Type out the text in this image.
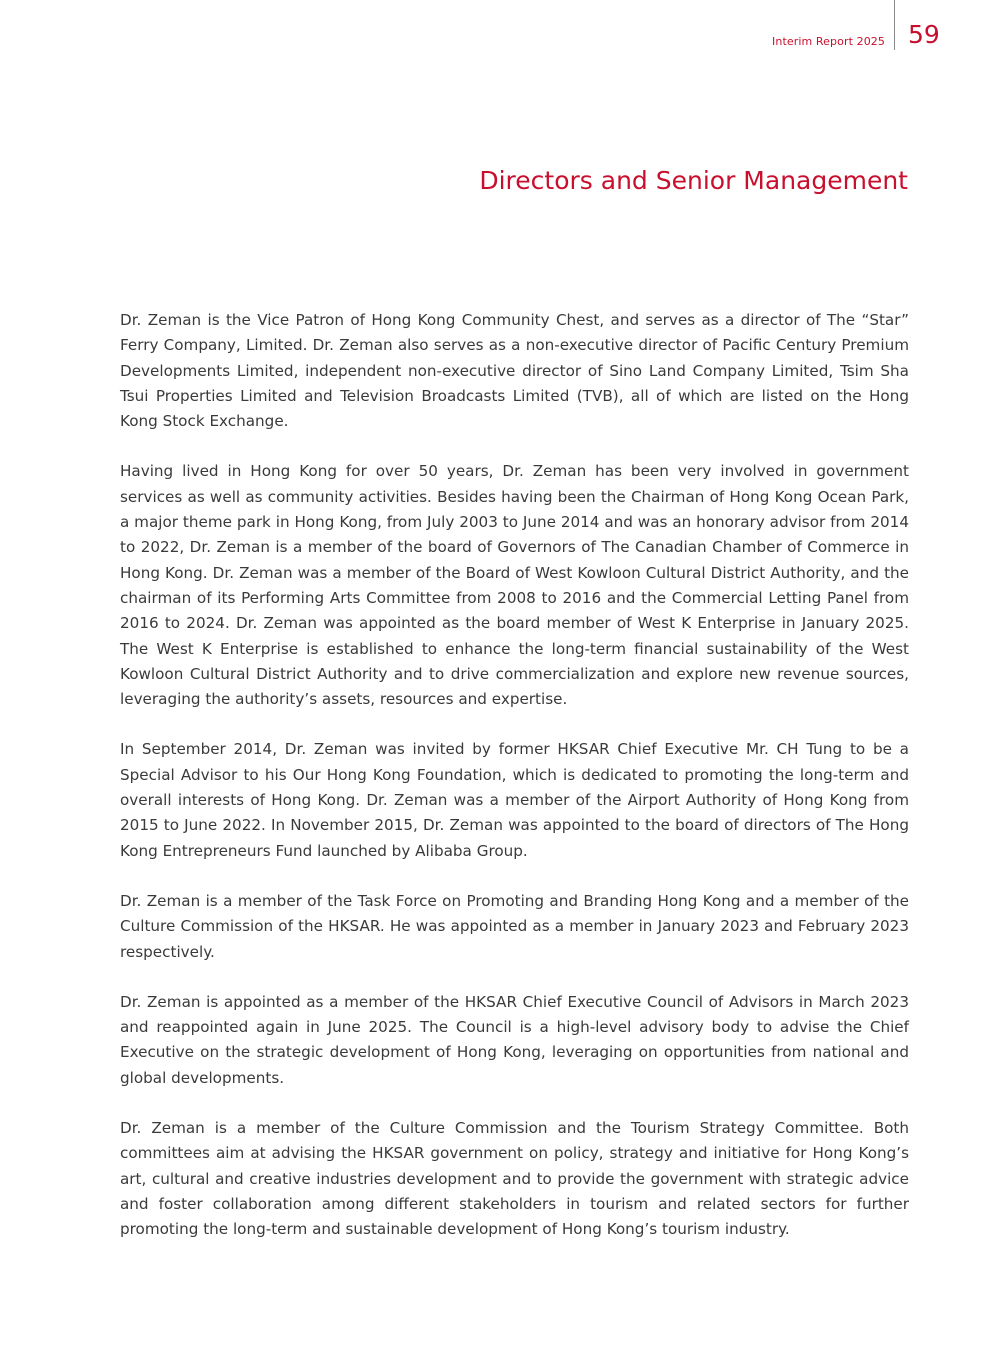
Interim Report 2025 59
Directors and Senior Management

Dr. Zeman is the Vice Patron of Hong Kong Community Chest, and serves as a director of The “Star” Ferry Company, Limited. Dr. Zeman also serves as a non-executive director of Pacific Century Premium Developments Limited, independent non-executive director of Sino Land Company Limited, Tsim Sha Tsui Properties Limited and Television Broadcasts Limited (TVB), all of which are listed on the Hong Kong Stock Exchange.

Having lived in Hong Kong for over 50 years, Dr. Zeman has been very involved in government services as well as community activities. Besides having been the Chairman of Hong Kong Ocean Park, a major theme park in Hong Kong, from July 2003 to June 2014 and was an honorary advisor from 2014 to 2022, Dr. Zeman is a member of the board of Governors of The Canadian Chamber of Commerce in Hong Kong. Dr. Zeman was a member of the Board of West Kowloon Cultural District Authority, and the chairman of its Performing Arts Committee from 2008 to 2016 and the Commercial Letting Panel from 2016 to 2024. Dr. Zeman was appointed as the board member of West K Enterprise in January 2025. The West K Enterprise is established to enhance the long-term financial sustainability of the West Kowloon Cultural District Authority and to drive commercialization and explore new revenue sources, leveraging the authority’s assets, resources and expertise.

In September 2014, Dr. Zeman was invited by former HKSAR Chief Executive Mr. CH Tung to be a Special Advisor to his Our Hong Kong Foundation, which is dedicated to promoting the long-term and overall interests of Hong Kong. Dr. Zeman was a member of the Airport Authority of Hong Kong from 2015 to June 2022. In November 2015, Dr. Zeman was appointed to the board of directors of The Hong Kong Entrepreneurs Fund launched by Alibaba Group.

Dr. Zeman is a member of the Task Force on Promoting and Branding Hong Kong and a member of the Culture Commission of the HKSAR. He was appointed as a member in January 2023 and February 2023 respectively.

Dr. Zeman is appointed as a member of the HKSAR Chief Executive Council of Advisors in March 2023 and reappointed again in June 2025. The Council is a high-level advisory body to advise the Chief Executive on the strategic development of Hong Kong, leveraging on opportunities from national and global developments.

Dr. Zeman is a member of the Culture Commission and the Tourism Strategy Committee. Both committees aim at advising the HKSAR government on policy, strategy and initiative for Hong Kong’s art, cultural and creative industries development and to provide the government with strategic advice and foster collaboration among different stakeholders in tourism and related sectors for further promoting the long-term and sustainable development of Hong Kong’s tourism industry.
